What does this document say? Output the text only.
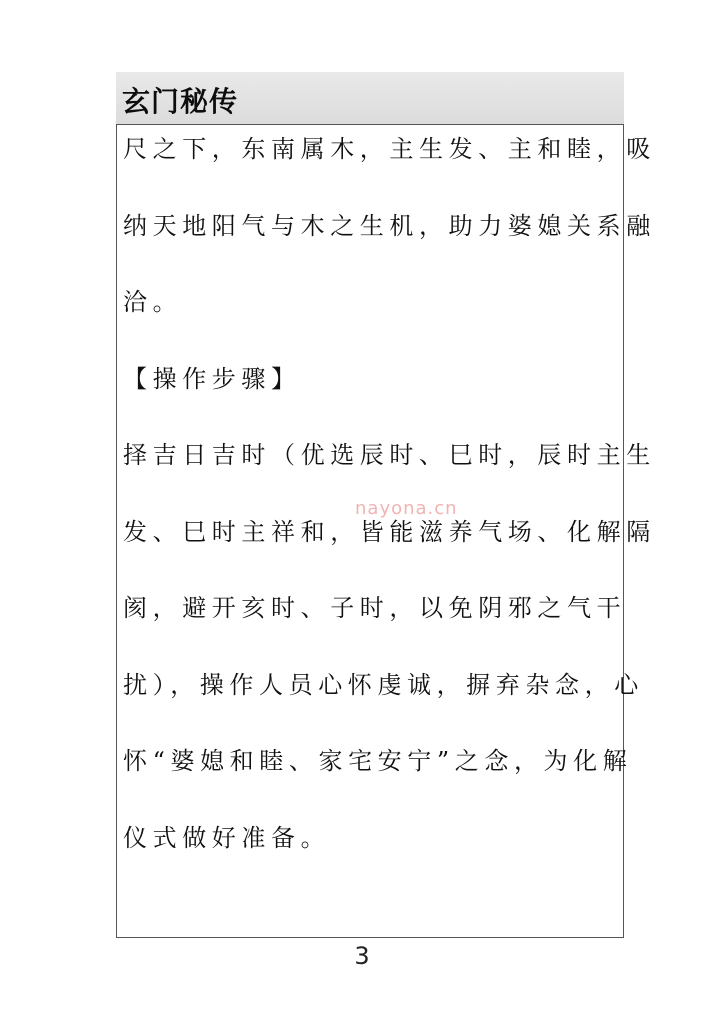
玄门秘传
尺之下，东南属木，主生发、主和睦，吸
纳天地阳气与木之生机，助力婆媳关系融
洽。
【操作步骤】
择吉日吉时（优选辰时、巳时，辰时主生
发、巳时主祥和，皆能滋养气场、化解隔
阂，避开亥时、子时，以免阴邪之气干
扰），操作人员心怀虔诚，摒弃杂念，心
怀“婆媳和睦、家宅安宁”之念，为化解
仪式做好准备。
nayona.cn
3
